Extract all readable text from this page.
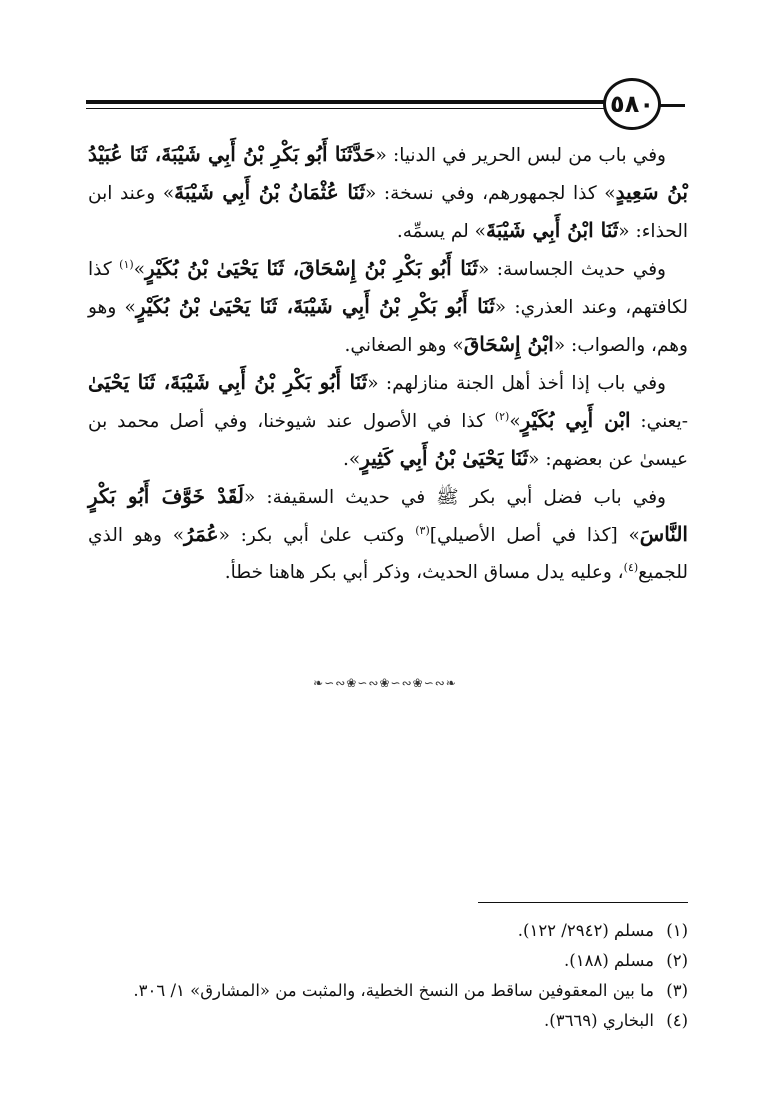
٥٨٠

وفي باب من لبس الحرير في الدنيا: «حَدَّثَنَا أَبُو بَكْرِ بْنُ أَبِي شَيْبَةَ، ثَنَا عُبَيْدُ بْنُ سَعِيدٍ» كذا لجمهورهم، وفي نسخة: «ثَنَا عُثْمَانُ بْنُ أَبِي شَيْبَةَ» وعند ابن الحذاء: «ثَنَا ابْنُ أَبِي شَيْبَةَ» لم يسمِّه.

وفي حديث الجساسة: «ثَنَا أَبُو بَكْرِ بْنُ إِسْحَاقَ، ثَنَا يَحْيَىٰ بْنُ بُكَيْرٍ»$^{(١)}$ كذا لكافتهم، وعند العذري: «ثَنَا أَبُو بَكْرِ بْنُ أَبِي شَيْبَةَ، ثَنَا يَحْيَىٰ بْنُ بُكَيْرٍ» وهو وهم، والصواب: «ابْنُ إِسْحَاقَ» وهو الصغاني.

وفي باب إذا أخذ أهل الجنة منازلهم: «ثَنَا أَبُو بَكْرِ بْنُ أَبِي شَيْبَةَ، ثَنَا يَحْيَىٰ -يعني: ابْن أَبِي بُكَيْرٍ»$^{(٢)}$ كذا في الأصول عند شيوخنا، وفي أصل محمد بن عيسىٰ عن بعضهم: «ثَنَا يَحْيَىٰ بْنُ أَبِي كَثِيرٍ».

وفي باب فضل أبي بكر ﷺ في حديث السقيفة: «لَقَدْ خَوَّفَ أَبُو بَكْرٍ النَّاسَ» [كذا في أصل الأصيلي]$^{(٣)}$ وكتب علىٰ أبي بكر: «عُمَرُ» وهو الذي للجميع$^{(٤)}$، وعليه يدل مساق الحديث، وذكر أبي بكر هاهنا خطأ.

❧∽∾❀∽∾❀∽∾❀∽∾❧

(١)مسلم (٢٩٤٢/ ١٢٢).

(٢)مسلم (١٨٨).

(٣)ما بين المعقوفين ساقط من النسخ الخطية، والمثبت من «المشارق» ١/ ٣٠٦.

(٤)البخاري (٣٦٦٩).
